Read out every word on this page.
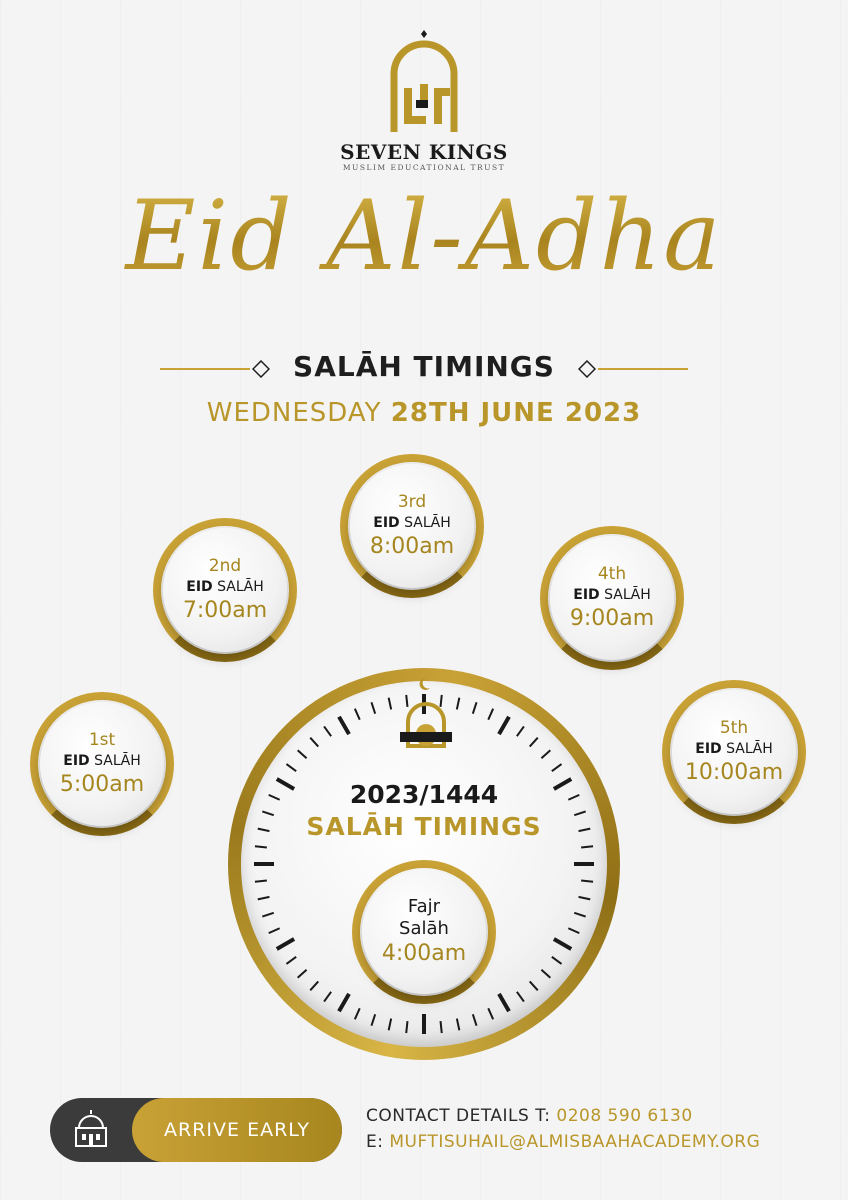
SEVEN KINGS
MUSLIM EDUCATIONAL TRUST
Eid Al-Adha
SALĀH TIMINGS
WEDNESDAY 28TH JUNE 2023
1st
EID SALĀH
5:00am
2nd
EID SALĀH
7:00am
3rd
EID SALĀH
8:00am
4th
EID SALĀH
9:00am
5th
EID SALĀH
10:00am
2023/1444
SALĀH TIMINGS
Fajr
Salāh
4:00am
ARRIVE EARLY
CONTACT DETAILS T: 0208 590 6130
E: MUFTISUHAIL@ALMISBAAHACADEMY.ORG
